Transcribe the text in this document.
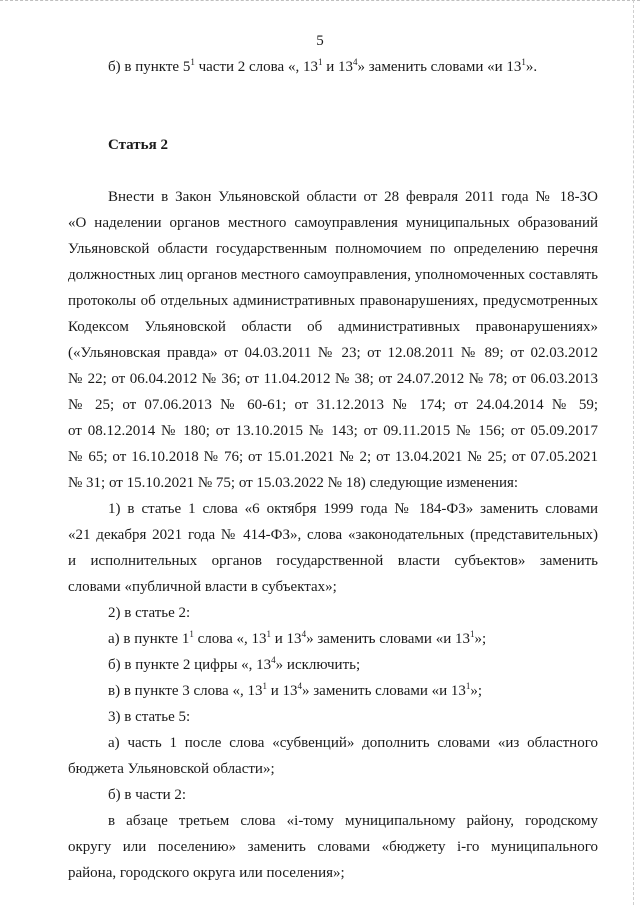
5

б) в пункте $5^1$ части 2 слова «, $13^1$ и $13^4$» заменить словами «и $13^1$».

Статья 2

Внести в Закон Ульяновской области от 28 февраля 2011 года № 18-ЗО
«О наделении органов местного самоуправления муниципальных образований
Ульяновской области государственным полномочием по определению перечня
должностных лиц органов местного самоуправления, уполномоченных составлять
протоколы об отдельных административных правонарушениях, предусмотренных
Кодексом Ульяновской области об административных правонарушениях»
(«Ульяновская правда» от 04.03.2011 № 23; от 12.08.2011 № 89; от 02.03.2012
№ 22; от 06.04.2012 № 36; от 11.04.2012 № 38; от 24.07.2012 № 78; от 06.03.2013
№ 25; от 07.06.2013 № 60-61; от 31.12.2013 № 174; от 24.04.2014 № 59;
от 08.12.2014 № 180; от 13.10.2015 № 143; от 09.11.2015 № 156; от 05.09.2017
№ 65; от 16.10.2018 № 76; от 15.01.2021 № 2; от 13.04.2021 № 25; от 07.05.2021
№ 31; от 15.10.2021 № 75; от 15.03.2022 № 18) следующие изменения:
1) в статье 1 слова «6 октября 1999 года № 184-ФЗ» заменить словами
«21 декабря 2021 года № 414-ФЗ», слова «законодательных (представительных)
и исполнительных органов государственной власти субъектов» заменить
словами «публичной власти в субъектах»;

2) в статье 2:

а) в пункте $1^1$ слова «, $13^1$ и $13^4$» заменить словами «и $13^1$»;

б) в пункте 2 цифры «, $13^4$» исключить;

в) в пункте 3 слова «, $13^1$ и $13^4$» заменить словами «и $13^1$»;

3) в статье 5:

а) часть 1 после слова «субвенций» дополнить словами «из областного
бюджета Ульяновской области»;

б) в части 2:

в абзаце третьем слова «i-тому муниципальному району, городскому
округу или поселению» заменить словами «бюджету i-го муниципального
района, городского округа или поселения»;
